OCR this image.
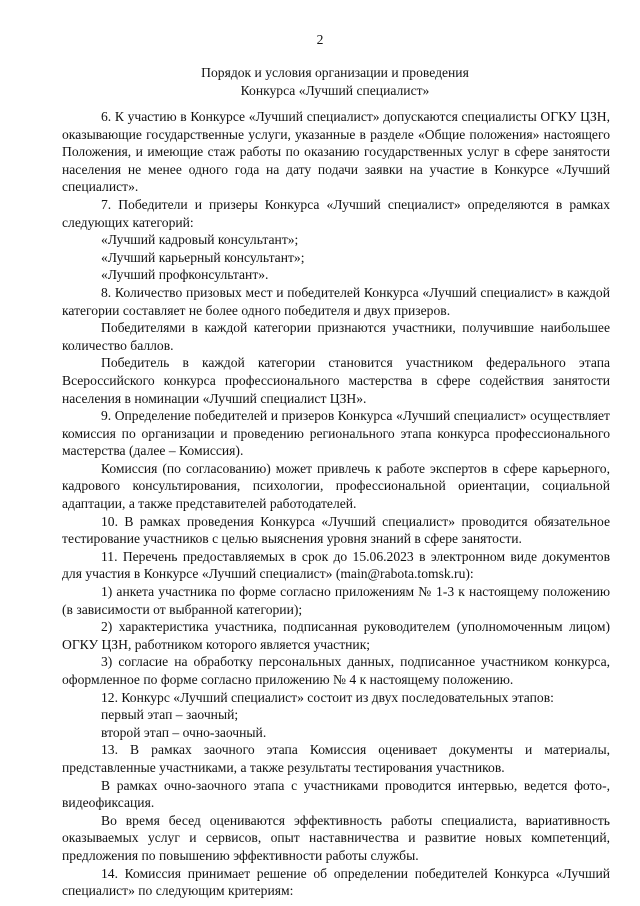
2
Порядок и условия организации и проведения
Конкурса «Лучший специалист»

6. К участию в Конкурсе «Лучший специалист» допускаются специалисты ОГКУ ЦЗН, оказывающие государственные услуги, указанные в разделе «Общие положения» настоящего Положения, и имеющие стаж работы по оказанию государственных услуг в сфере занятости населения не менее одного года на дату подачи заявки на участие в Конкурсе «Лучший специалист».

7. Победители и призеры Конкурса «Лучший специалист» определяются в рамках следующих категорий:

«Лучший кадровый консультант»;

«Лучший карьерный консультант»;

«Лучший профконсультант».

8. Количество призовых мест и победителей Конкурса «Лучший специалист» в каждой категории составляет не более одного победителя и двух призеров.

Победителями в каждой категории признаются участники, получившие наибольшее количество баллов.

Победитель в каждой категории становится участником федерального этапа Всероссийского конкурса профессионального мастерства в сфере содействия занятости населения в номинации «Лучший специалист ЦЗН».

9. Определение победителей и призеров Конкурса «Лучший специалист» осуществляет комиссия по организации и проведению регионального этапа конкурса профессионального мастерства (далее – Комиссия).

Комиссия (по согласованию) может привлечь к работе экспертов в сфере карьерного, кадрового консультирования, психологии, профессиональной ориентации, социальной адаптации, а также представителей работодателей.

10. В рамках проведения Конкурса «Лучший специалист» проводится обязательное тестирование участников с целью выяснения уровня знаний в сфере занятости.

11. Перечень предоставляемых в срок до 15.06.2023 в электронном виде документов для участия в Конкурсе «Лучший специалист» (main@rabota.tomsk.ru):

1) анкета участника по форме согласно приложениям № 1-3 к настоящему положению (в зависимости от выбранной категории);

2) характеристика участника, подписанная руководителем (уполномоченным лицом) ОГКУ ЦЗН, работником которого является участник;

3) согласие на обработку персональных данных, подписанное участником конкурса, оформленное по форме согласно приложению № 4 к настоящему положению.

12. Конкурс «Лучший специалист» состоит из двух последовательных этапов:

первый этап – заочный;

второй этап – очно-заочный.

13. В рамках заочного этапа Комиссия оценивает документы и материалы, представленные участниками, а также результаты тестирования участников.

В рамках очно-заочного этапа с участниками проводится интервью, ведется фото-, видеофиксация.

Во время бесед оцениваются эффективность работы специалиста, вариативность оказываемых услуг и сервисов, опыт наставничества и развитие новых компетенций, предложения по повышению эффективности работы службы.

14. Комиссия принимает решение об определении победителей Конкурса «Лучший специалист» по следующим критериям:
